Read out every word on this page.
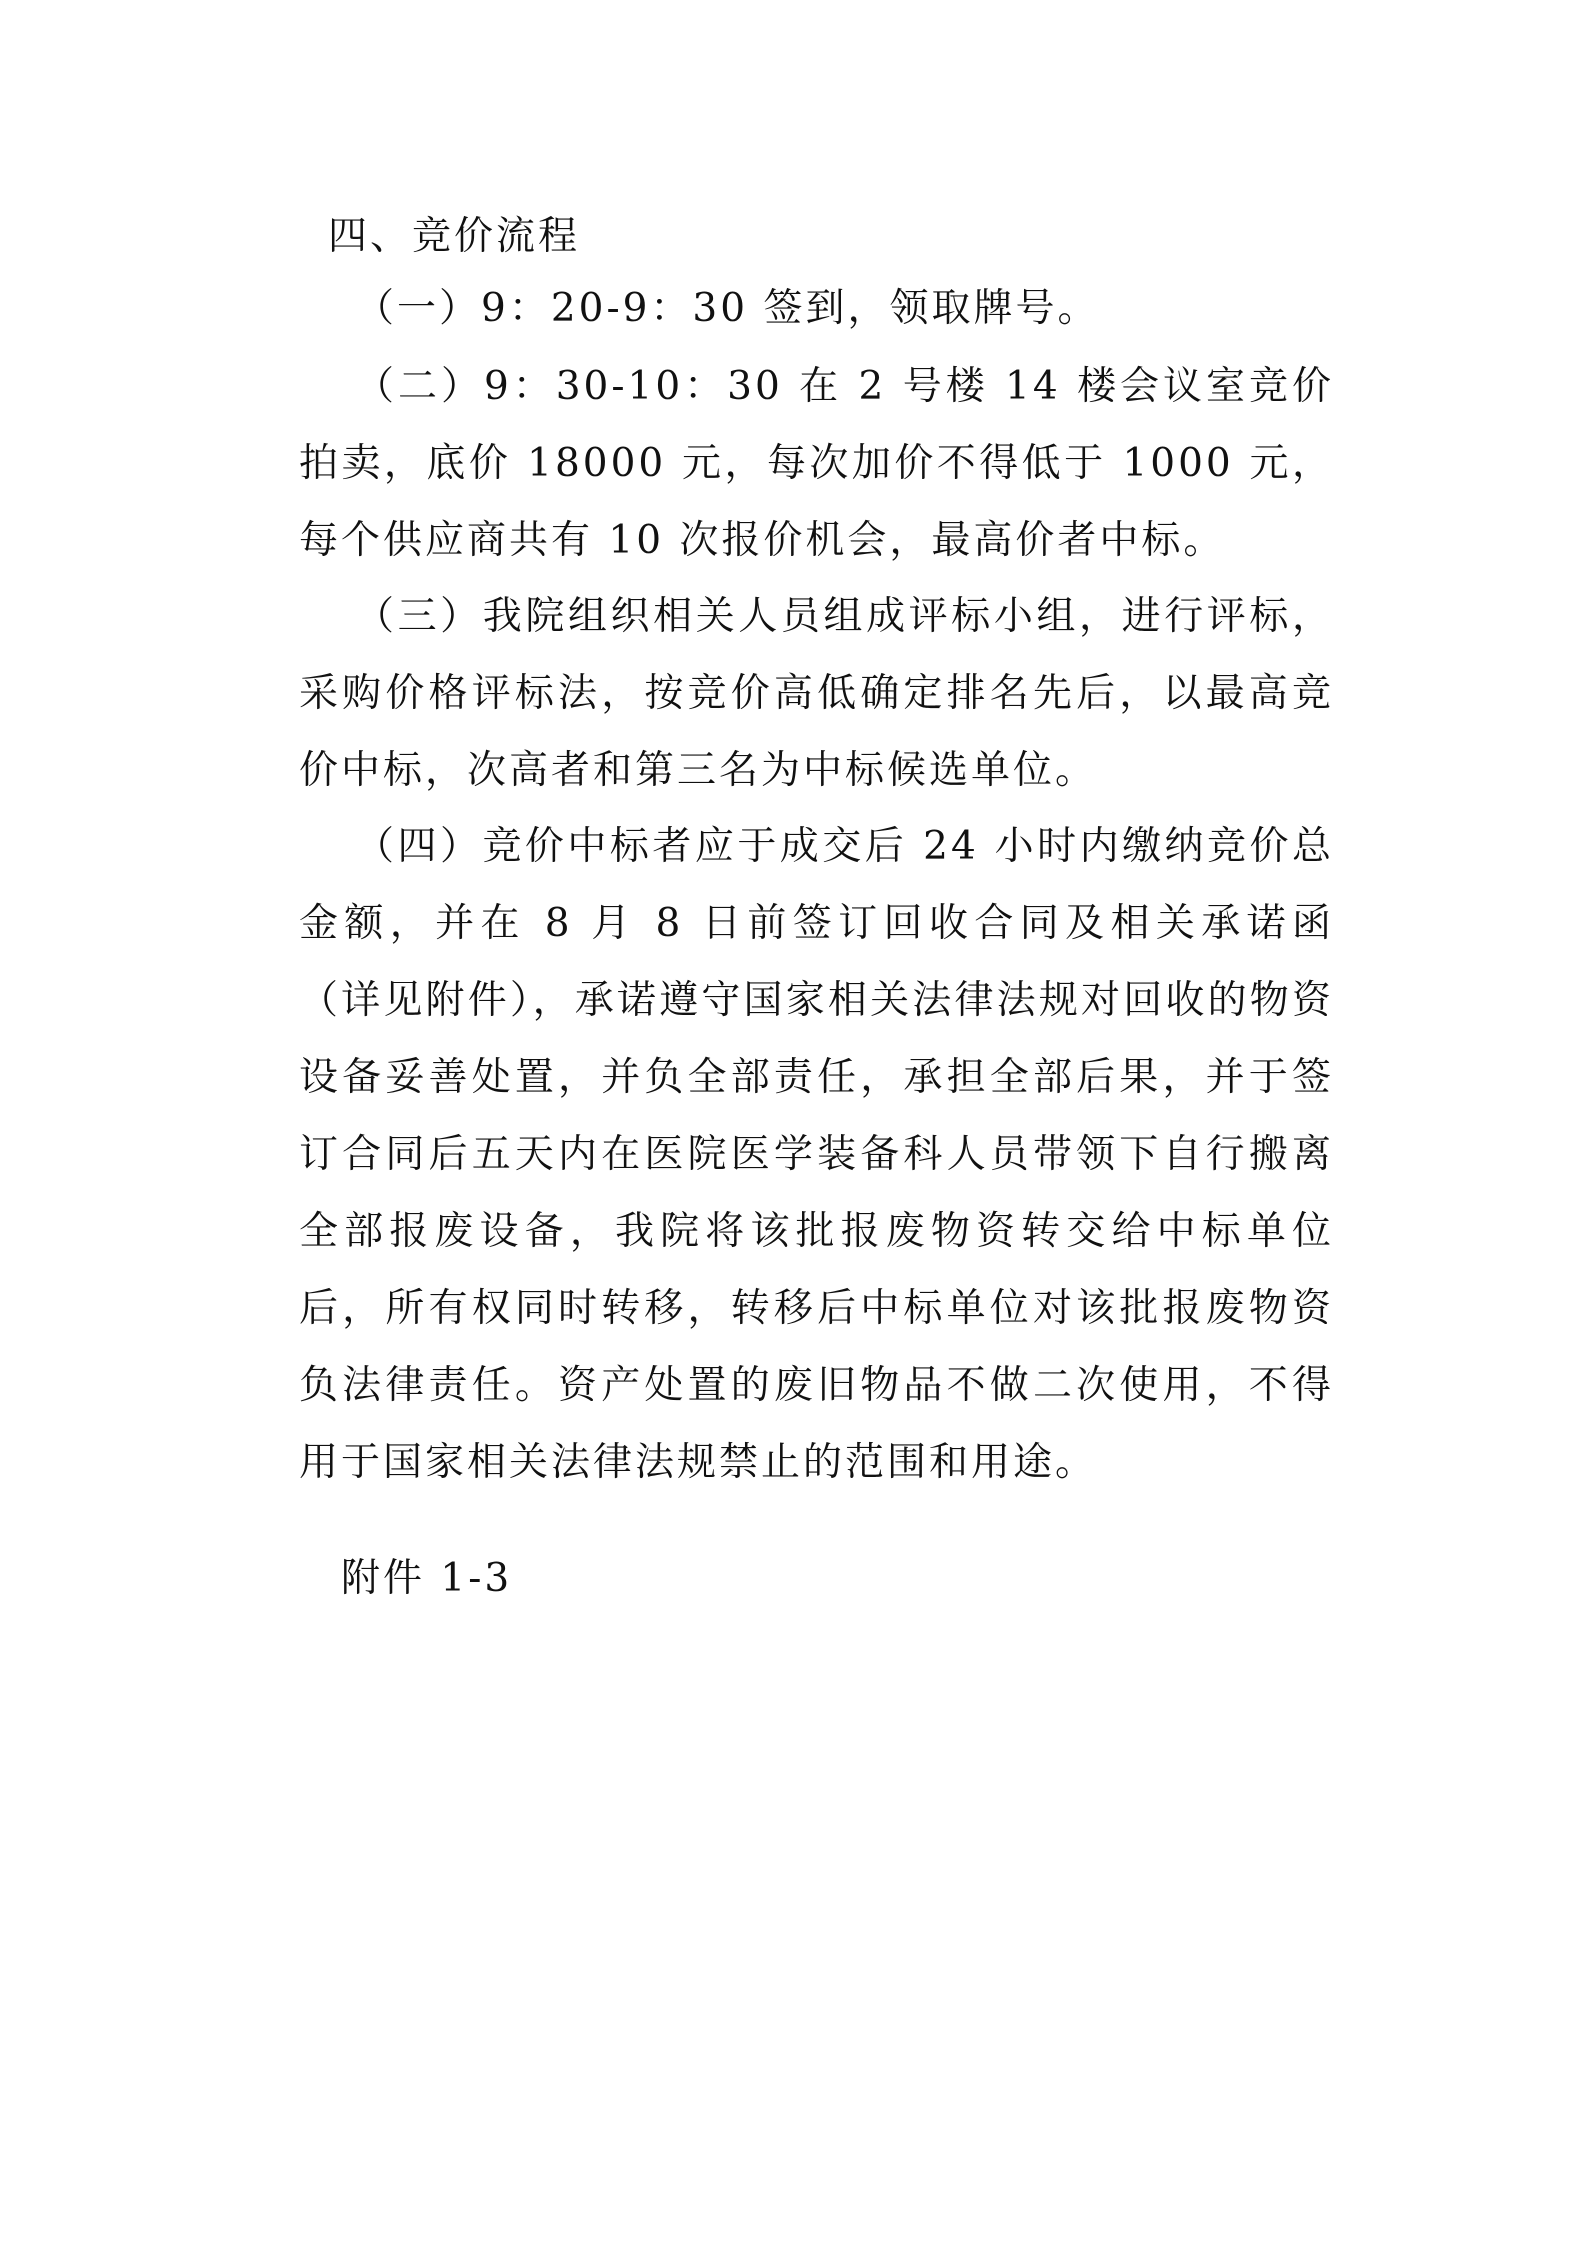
四、竞价流程

（一）9：20-9：30 签到，领取牌号。

（二）9：30-10：30 在 2 号楼 14 楼会议室竞价拍卖，底价 18000 元，每次加价不得低于 1000 元，每个供应商共有 10 次报价机会，最高价者中标。

（三）我院组织相关人员组成评标小组，进行评标，采购价格评标法，按竞价高低确定排名先后，以最高竞价中标，次高者和第三名为中标候选单位。

（四）竞价中标者应于成交后 24 小时内缴纳竞价总金额，并在 8 月 8 日前签订回收合同及相关承诺函（详见附件），承诺遵守国家相关法律法规对回收的物资设备妥善处置，并负全部责任，承担全部后果，并于签订合同后五天内在医院医学装备科人员带领下自行搬离全部报废设备，我院将该批报废物资转交给中标单位后，所有权同时转移，转移后中标单位对该批报废物资负法律责任。资产处置的废旧物品不做二次使用，不得用于国家相关法律法规禁止的范围和用途。

附件 1-3
